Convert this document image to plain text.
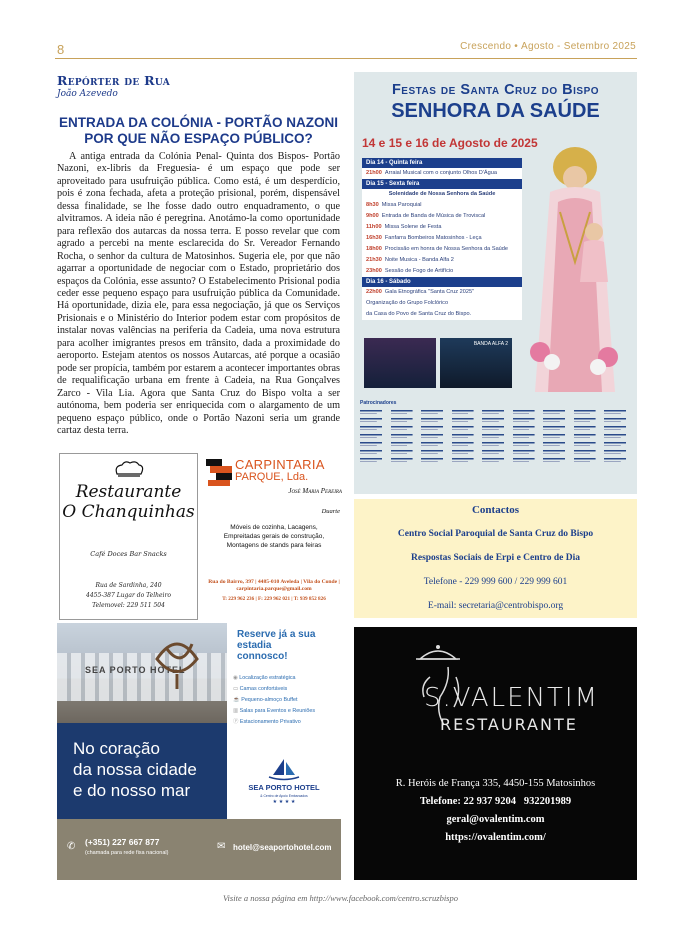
8	Crescendo • Agosto - Setembro 2025
Repórter de Rua
João Azevedo
ENTRADA DA COLÓNIA - PORTÃO NAZONI
POR QUE NÃO ESPAÇO PÚBLICO?
A antiga entrada da Colónia Penal- Quinta dos Bispos- Portão Nazoni, ex-libris da Freguesia- é um espaço que pode ser aproveitado para usufruição pública. Como está, é um desperdício, pois é zona fechada, afeta a proteção prisional, porém, dispensável dessa finalidade, se lhe fosse dado outro enquadramento, o que alvitramos. A ideia não é peregrina. Anotámo-la como oportunidade para reflexão dos autarcas da nossa terra. E posso revelar que com agrado a percebi na mente esclarecida do Sr. Vereador Fernando Rocha, o senhor da cultura de Matosinhos. Sugeria ele, por que não agarrar a oportunidade de negociar com o Estado, proprietário dos espaços da Colónia, esse assunto? O Estabelecimento Prisional podia ceder esse pequeno espaço para usufruição pública da Comunidade. Há oportunidade, dizia ele, para essa negociação, já que os Serviços Prisionais e o Ministério do Interior podem estar com propósitos de instalar novas valências na periferia da Cadeia, uma nova estrutura para acolher imigrantes presos em trânsito, dada a proximidade do aeroporto. Estejam atentos os nossos Autarcas, até porque a ocasião pode ser propícia, também por estarem a acontecer importantes obras de requalificação urbana em frente à Cadeia, na Rua Gonçalves Zarco - Vila Lia. Agora que Santa Cruz do Bispo volta a ser autónoma, bem poderia ser enriquecida com o alargamento de um pequeno espaço público, onde o Portão Nazoni seria um grande cartaz desta terra.
Festas de Santa Cruz do Bispo
SENHORA DA SAÚDE
14 e 15 e 16 de Agosto de 2025
Dia 14 - Quinta feira
21h00 Arraial Musical com o conjunto Olhos D'Água
Dia 15 - Sexta feira
Solenidade de Nossa Senhora da Saúde
8h30 Missa Paroquial
9h00 Entrada de Banda de Música de Troviscal
11h00 Missa Solene de Festa
16h30 Fanfarra Bombeiros Matosinhos - Leça
18h00 Procissão em honra de Nossa Senhora da Saúde
21h30 Noite Musica - Banda Alfa 2
23h00 Sessão de Fogo de Artifício
Dia 16 - Sábado
22h00 Gala Etnográfica "Santa Cruz 2025"
Organização do Grupo Folclórico
da Casa do Povo de Santa Cruz do Bispo.
BANDA ALFA 2
Patrocinadores
Restaurante
O Chanquinhas
Café Doces Bar Snacks
Rua de Sardinha, 240
4455-387 Lugar do Telheiro
Telemovel: 229 511 504
CARPINTARIA
PARQUE, Lda.
José Maria Pereira
Duarte
Móveis de cozinha, Lacagens,
Empreitadas gerais de construção,
Montagens de stands para feiras
Rua do Bairro, 397 | 4485-010 Aveleda | Vila do Conde | carpintaria.parque@gmail.com
T: 229 962 236 | F: 229 962 021 | T: 939 852 826
Contactos
Centro Social Paroquial de Santa Cruz do Bispo
Respostas Sociais de Erpi e Centro de Dia
Telefone - 229 999 600 / 229 999 601
E-mail: secretaria@centrobispo.org
SEA PORTO HOTEL
Reserve já a sua estadia connosco!
◉ Localização estratégica
▭ Camas confortáveis
☕ Pequeno-almoço Buffet
▥ Salas para Eventos e Reuniões
Ⓟ Estacionamento Privativo
SEA PORTO HOTEL
& Centro de Apoio Embarcados
★ ★ ★ ★
No coração
da nossa cidade
e do nosso mar
✆ (+351) 227 667 877
(chamada para rede fixa nacional)
✉ hotel@seaportohotel.com
S.VALENTIM
RESTAURANTE
R. Heróis de França 335, 4450-155 Matosinhos
Telefone: 22 937 9204   932201989
geral@ovalentim.com
https://ovalentim.com/
Visite a nossa página em http://www.facebook.com/centro.scruzbispo
